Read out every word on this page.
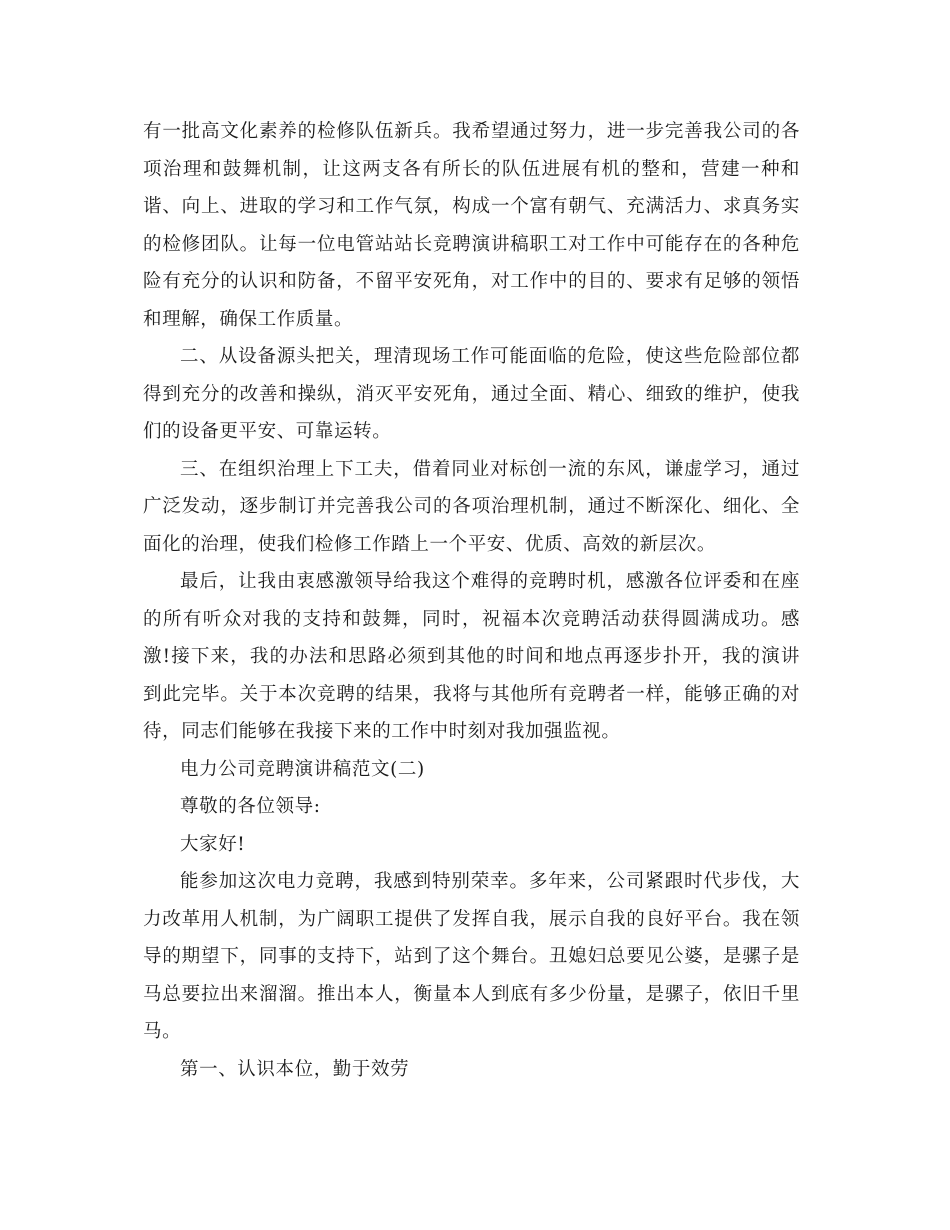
有一批高文化素养的检修队伍新兵。我希望通过努力，进一步完善我公司的各项治理和鼓舞机制，让这两支各有所长的队伍进展有机的整和，营建一种和谐、向上、进取的学习和工作气氛，构成一个富有朝气、充满活力、求真务实的检修团队。让每一位电管站站长竞聘演讲稿职工对工作中可能存在的各种危险有充分的认识和防备，不留平安死角，对工作中的目的、要求有足够的领悟和理解，确保工作质量。

二、从设备源头把关，理清现场工作可能面临的危险，使这些危险部位都得到充分的改善和操纵，消灭平安死角，通过全面、精心、细致的维护，使我们的设备更平安、可靠运转。

三、在组织治理上下工夫，借着同业对标创一流的东风，谦虚学习，通过广泛发动，逐步制订并完善我公司的各项治理机制，通过不断深化、细化、全面化的治理，使我们检修工作踏上一个平安、优质、高效的新层次。

最后，让我由衷感激领导给我这个难得的竞聘时机，感激各位评委和在座的所有听众对我的支持和鼓舞，同时，祝福本次竞聘活动获得圆满成功。感激!接下来，我的办法和思路必须到其他的时间和地点再逐步扑开，我的演讲到此完毕。关于本次竞聘的结果，我将与其他所有竞聘者一样，能够正确的对待，同志们能够在我接下来的工作中时刻对我加强监视。

电力公司竞聘演讲稿范文(二)

尊敬的各位领导:

大家好!

能参加这次电力竞聘，我感到特别荣幸。多年来，公司紧跟时代步伐，大力改革用人机制，为广阔职工提供了发挥自我，展示自我的良好平台。我在领导的期望下，同事的支持下，站到了这个舞台。丑媳妇总要见公婆，是骡子是马总要拉出来溜溜。推出本人，衡量本人到底有多少份量，是骡子，依旧千里马。

第一、认识本位，勤于效劳
